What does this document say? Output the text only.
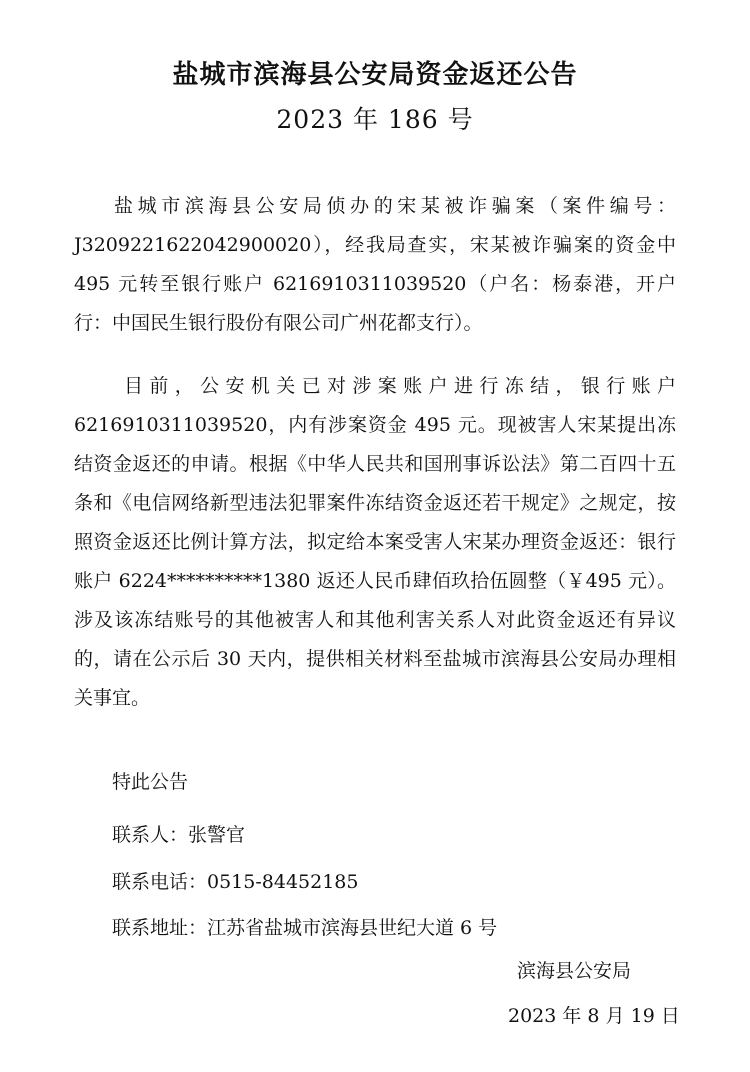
盐城市滨海县公安局资金返还公告
2023 年 186 号
盐城市滨海县公安局侦办的宋某被诈骗案（案件编号：J3209221622042900020），经我局查实，宋某被诈骗案的资金中 495 元转至银行账户 6216910311039520（户名：杨泰港，开户行：中国民生银行股份有限公司广州花都支行）。
目前，公安机关已对涉案账户进行冻结，银行账户 6216910311039520，内有涉案资金 495 元。现被害人宋某提出冻结资金返还的申请。根据《中华人民共和国刑事诉讼法》第二百四十五条和《电信网络新型违法犯罪案件冻结资金返还若干规定》之规定，按照资金返还比例计算方法，拟定给本案受害人宋某办理资金返还：银行账户 6224**********1380 返还人民币肆佰玖拾伍圆整（￥495 元）。涉及该冻结账号的其他被害人和其他利害关系人对此资金返还有异议的，请在公示后 30 天内，提供相关材料至盐城市滨海县公安局办理相关事宜。
特此公告
联系人：张警官
联系电话：0515-84452185
联系地址：江苏省盐城市滨海县世纪大道 6 号
滨海县公安局
2023 年 8 月 19 日
